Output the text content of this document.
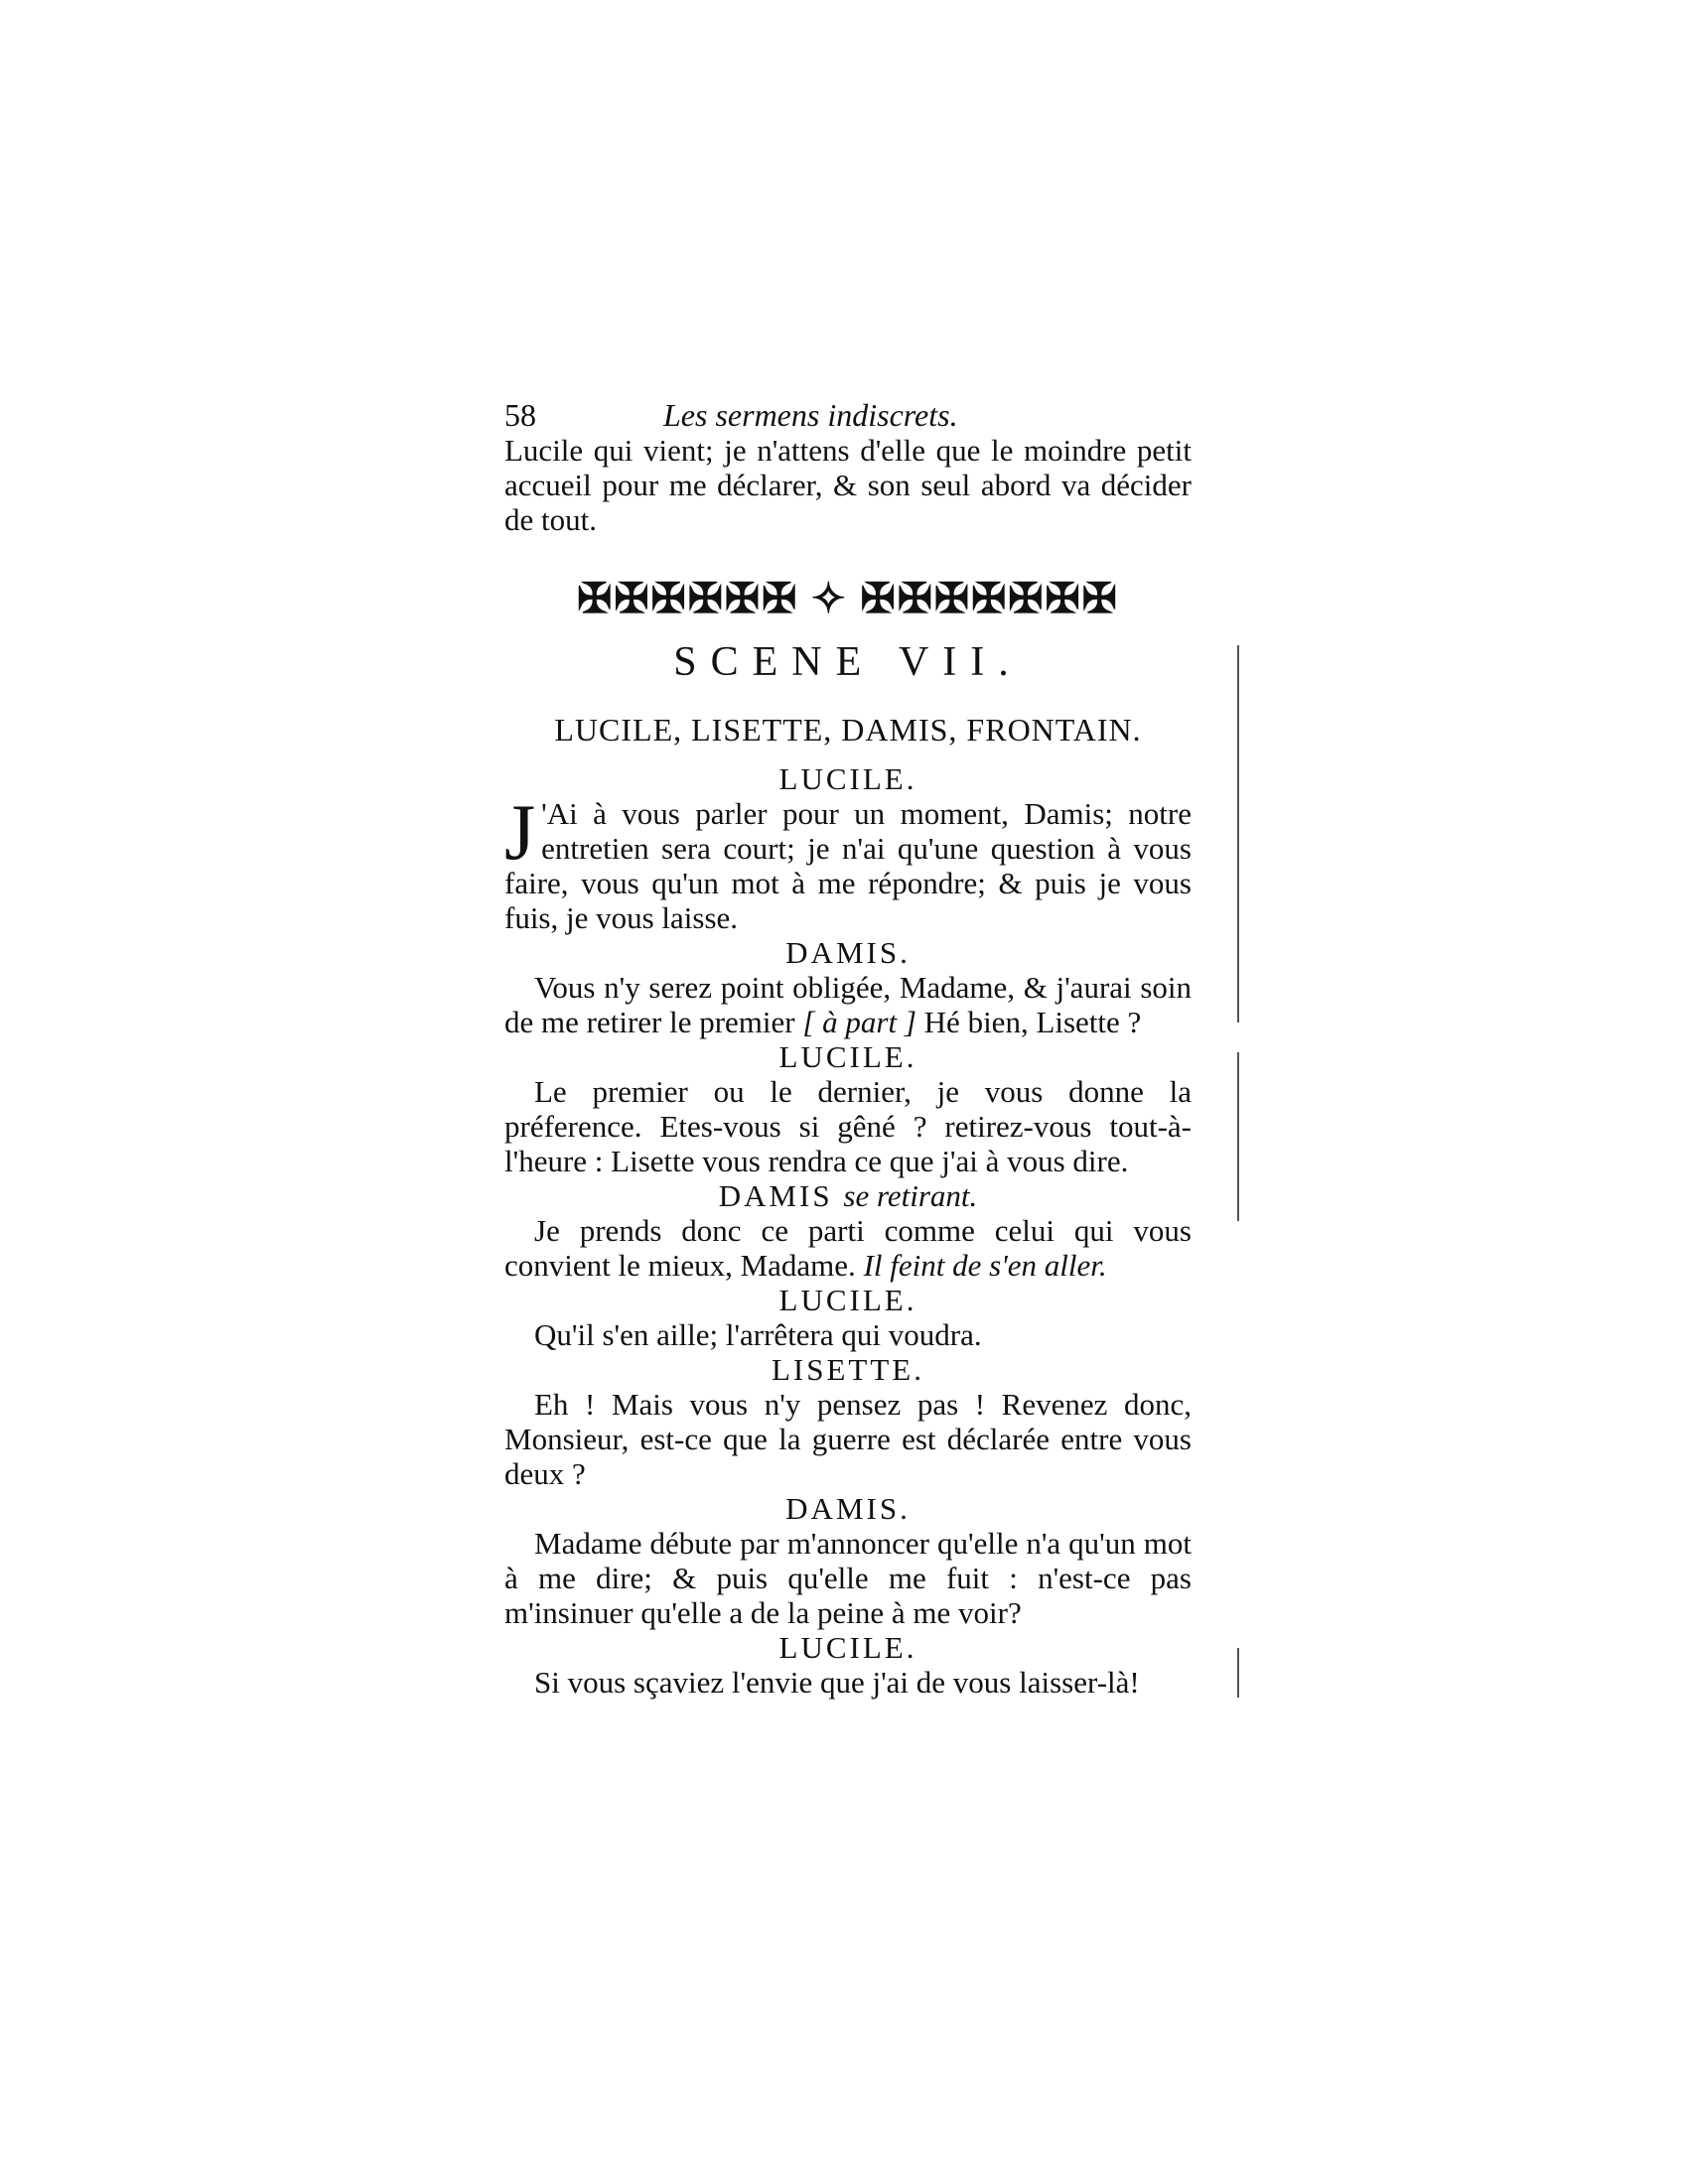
58	Les sermens indiscrets.

Lucile qui vient; je n'attens d'elle que le moindre petit accueil pour me déclarer, & son seul abord va décider de tout.

✠✠✠✠✠✠ ✧ ✠✠✠✠✠✠✠
SCENE VII.
LUCILE, LISETTE, DAMIS, FRONTAIN.
LUCILE.

J 'Ai à vous parler pour un moment, Damis; notre entretien sera court; je n'ai qu'une question à vous faire, vous qu'un mot à me répondre; & puis je vous fuis, je vous laisse.

DAMIS.

Vous n'y serez point obligée, Madame, & j'aurai soin de me retirer le premier [ à part ] Hé bien, Lisette ?

LUCILE.

Le premier ou le dernier, je vous donne la préference. Etes-vous si gêné ? retirez-vous tout-à-l'heure : Lisette vous rendra ce que j'ai à vous dire.

DAMIS se retirant.

Je prends donc ce parti comme celui qui vous convient le mieux, Madame. Il feint de s'en aller.

LUCILE.

Qu'il s'en aille; l'arrêtera qui voudra.

LISETTE.

Eh ! Mais vous n'y pensez pas ! Revenez donc, Monsieur, est-ce que la guerre est déclarée entre vous deux ?

DAMIS.

Madame débute par m'annoncer qu'elle n'a qu'un mot à me dire; & puis qu'elle me fuit : n'est-ce pas m'insinuer qu'elle a de la peine à me voir?

LUCILE.

Si vous sçaviez l'envie que j'ai de vous laisser-là!
